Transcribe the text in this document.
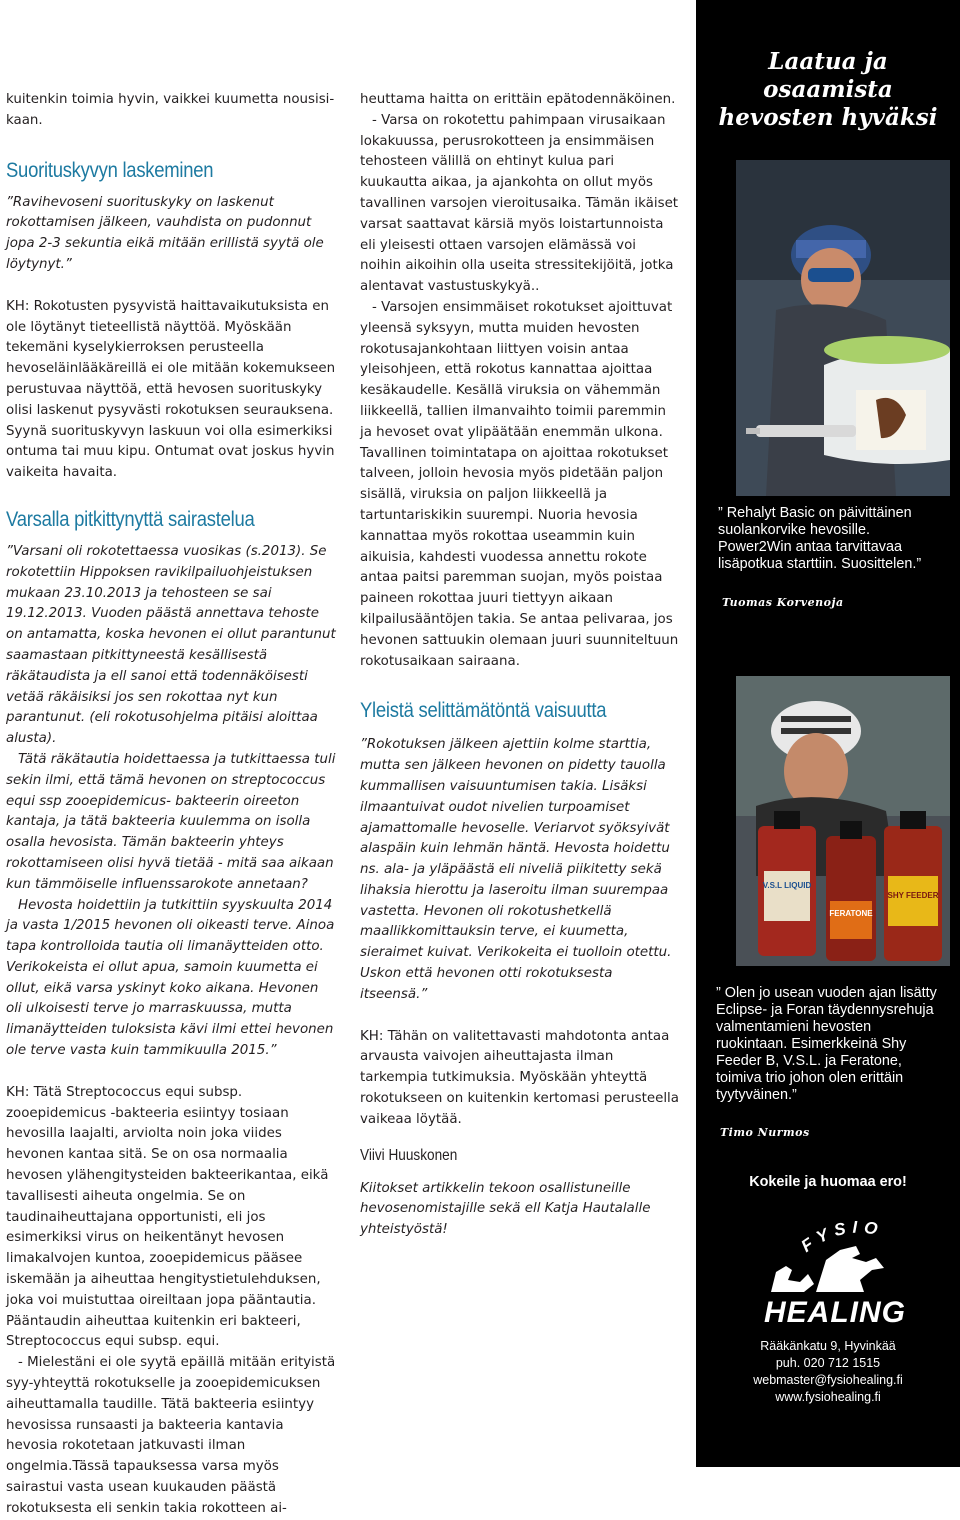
kuitenkin toimia hyvin, vaikkei kuumetta nousisi-kaan.

Suorituskyvyn laskeminen

”Ravihevoseni suorituskyky on laskenut rokottamisen jälkeen, vauhdista on pudonnut jopa 2-3 sekuntia eikä mitään erillistä syytä ole löytynyt.”

KH: Rokotusten pysyvistä haittavaikutuksista en ole löytänyt tieteellistä näyttöä. Myöskään tekemäni kyselykierroksen perusteella hevoseläinlääkäreillä ei ole mitään kokemukseen perustuvaa näyttöä, että hevosen suorituskyky olisi laskenut pysyvästi rokotuksen seurauksena. Syynä suorituskyvyn laskuun voi olla esimerkiksi ontuma tai muu kipu. Ontumat ovat joskus hyvin vaikeita havaita.

Varsalla pitkittynyttä sairastelua

”Varsani oli rokotettaessa vuosikas (s.2013). Se rokotettiin Hippoksen ravikilpailuohjeistuksen mukaan 23.10.2013 ja tehosteen se sai 19.12.2013. Vuoden päästä annettava tehoste on antamatta, koska hevonen ei ollut parantunut saamastaan pitkittyneestä kesällisestä räkätaudista ja ell sanoi että todennäköisesti vetää räkäisiksi jos sen rokottaa nyt kun parantunut. (eli rokotusohjelma pitäisi aloittaa alusta).

Tätä räkätautia hoidettaessa ja tutkittaessa tuli sekin ilmi, että tämä hevonen on streptococcus equi ssp zooepidemicus- bakteerin oireeton kantaja, ja tätä bakteeria kuulemma on isolla osalla hevosista. Tämän bakteerin yhteys rokottamiseen olisi hyvä tietää - mitä saa aikaan kun tämmöiselle influenssarokote annetaan?

Hevosta hoidettiin ja tutkittiin syyskuulta 2014 ja vasta 1/2015 hevonen oli oikeasti terve. Ainoa tapa kontrolloida tautia oli limanäytteiden otto. Verikokeista ei ollut apua, samoin kuumetta ei ollut, eikä varsa yskinyt koko aikana. Hevonen oli ulkoisesti terve jo marraskuussa, mutta limanäytteiden tuloksista kävi ilmi ettei hevonen ole terve vasta kuin tammikuulla 2015.”

KH: Tätä Streptococcus equi subsp. zooepidemicus -bakteeria esiintyy tosiaan hevosilla laajalti, arviolta noin joka viides hevonen kantaa sitä. Se on osa normaalia hevosen ylähengitysteiden bakteerikantaa, eikä tavallisesti aiheuta ongelmia. Se on taudinaiheuttajana opportunisti, eli jos esimerkiksi virus on heikentänyt hevosen limakalvojen kuntoa, zooepidemicus pääsee iskemään ja aiheuttaa hengitystietulehduksen, joka voi muistuttaa oireiltaan jopa pääntautia. Pääntaudin aiheuttaa kuitenkin eri bakteeri, Streptococcus equi subsp. equi.

- Mielestäni ei ole syytä epäillä mitään erityistä syy-yhteyttä rokotukselle ja zooepidemicuksen aiheuttamalla taudille. Tätä bakteeria esiintyy hevosissa runsaasti ja bakteeria kantavia hevosia rokotetaan jatkuvasti ilman ongelmia.Tässä tapauksessa varsa myös sairastui vasta usean kuukauden päästä rokotuksesta eli senkin takia rokotteen ai-

heuttama haitta on erittäin epätodennäköinen.

- Varsa on rokotettu pahimpaan virusaikaan lokakuussa, perusrokotteen ja ensimmäisen tehosteen välillä on ehtinyt kulua pari kuukautta aikaa, ja ajankohta on ollut myös tavallinen varsojen vieroitusaika. Tämän ikäiset varsat saattavat kärsiä myös loistartunnoista eli yleisesti ottaen varsojen elämässä voi noihin aikoihin olla useita stressitekijöitä, jotka alentavat vastustuskykyä..

- Varsojen ensimmäiset rokotukset ajoittuvat yleensä syksyyn, mutta muiden hevosten rokotusajankohtaan liittyen voisin antaa yleisohjeen, että rokotus kannattaa ajoittaa kesäkaudelle. Kesällä viruksia on vähemmän liikkeellä, tallien ilmanvaihto toimii paremmin ja hevoset ovat ylipäätään enemmän ulkona. Tavallinen toimintatapa on ajoittaa rokotukset talveen, jolloin hevosia myös pidetään paljon sisällä, viruksia on paljon liikkeellä ja tartuntariskikin suurempi. Nuoria hevosia kannattaa myös rokottaa useammin kuin aikuisia, kahdesti vuodessa annettu rokote antaa paitsi paremman suojan, myös poistaa paineen rokottaa juuri tiettyyn aikaan kilpailusääntöjen takia. Se antaa pelivaraa, jos hevonen sattuukin olemaan juuri suunniteltuun rokotusaikaan sairaana.

Yleistä selittämätöntä vaisuutta

”Rokotuksen jälkeen ajettiin kolme starttia, mutta sen jälkeen hevonen on pidetty tauolla kummallisen vaisuuntumisen takia. Lisäksi ilmaantuivat oudot nivelien turpoamiset ajamattomalle hevoselle. Veriarvot syöksyivät alaspäin kuin lehmän häntä. Hevosta hoidettu ns. ala- ja yläpäästä eli niveliä piikitetty sekä lihaksia hierottu ja laseroitu ilman suurempaa vastetta. Hevonen oli rokotushetkellä maallikkomittauksin terve, ei kuumetta, sieraimet kuivat. Verikokeita ei tuolloin otettu. Uskon että hevonen otti rokotuksesta itseensä.”

KH: Tähän on valitettavasti mahdotonta antaa arvausta vaivojen aiheuttajasta ilman tarkempia tutkimuksia. Myöskään yhteyttä rokotukseen on kuitenkin kertomasi perusteella vaikeaa löytää.

Viivi Huuskonen

Kiitokset artikkelin tekoon osallistuneille hevosenomistajille sekä ell Katja Hautalalle yhteistyöstä!

Laatua ja
osaamista
hevosten hyväksi
” Rehalyt Basic on päivittäinen suolankorvike hevosille. Power2Win antaa tarvittavaa lisäpotkua starttiin. Suosittelen.”
Tuomas Korvenoja
V.S.L LIQUID
FERATONE
SHY FEEDER
” Olen jo usean vuoden ajan lisätty Eclipse- ja Foran täydennysrehuja valmentamieni hevosten ruokintaan. Esimerkkeinä Shy Feeder B, V.S.L. ja Feratone, toimiva trio johon olen erittäin tyytyväinen.”
Timo Nurmos
Kokeile ja huomaa ero!
FYSIO
HEALING
Rääkänkatu 9, Hyvinkää
puh. 020 712 1515
webmaster@fysiohealing.fi
www.fysiohealing.fi
